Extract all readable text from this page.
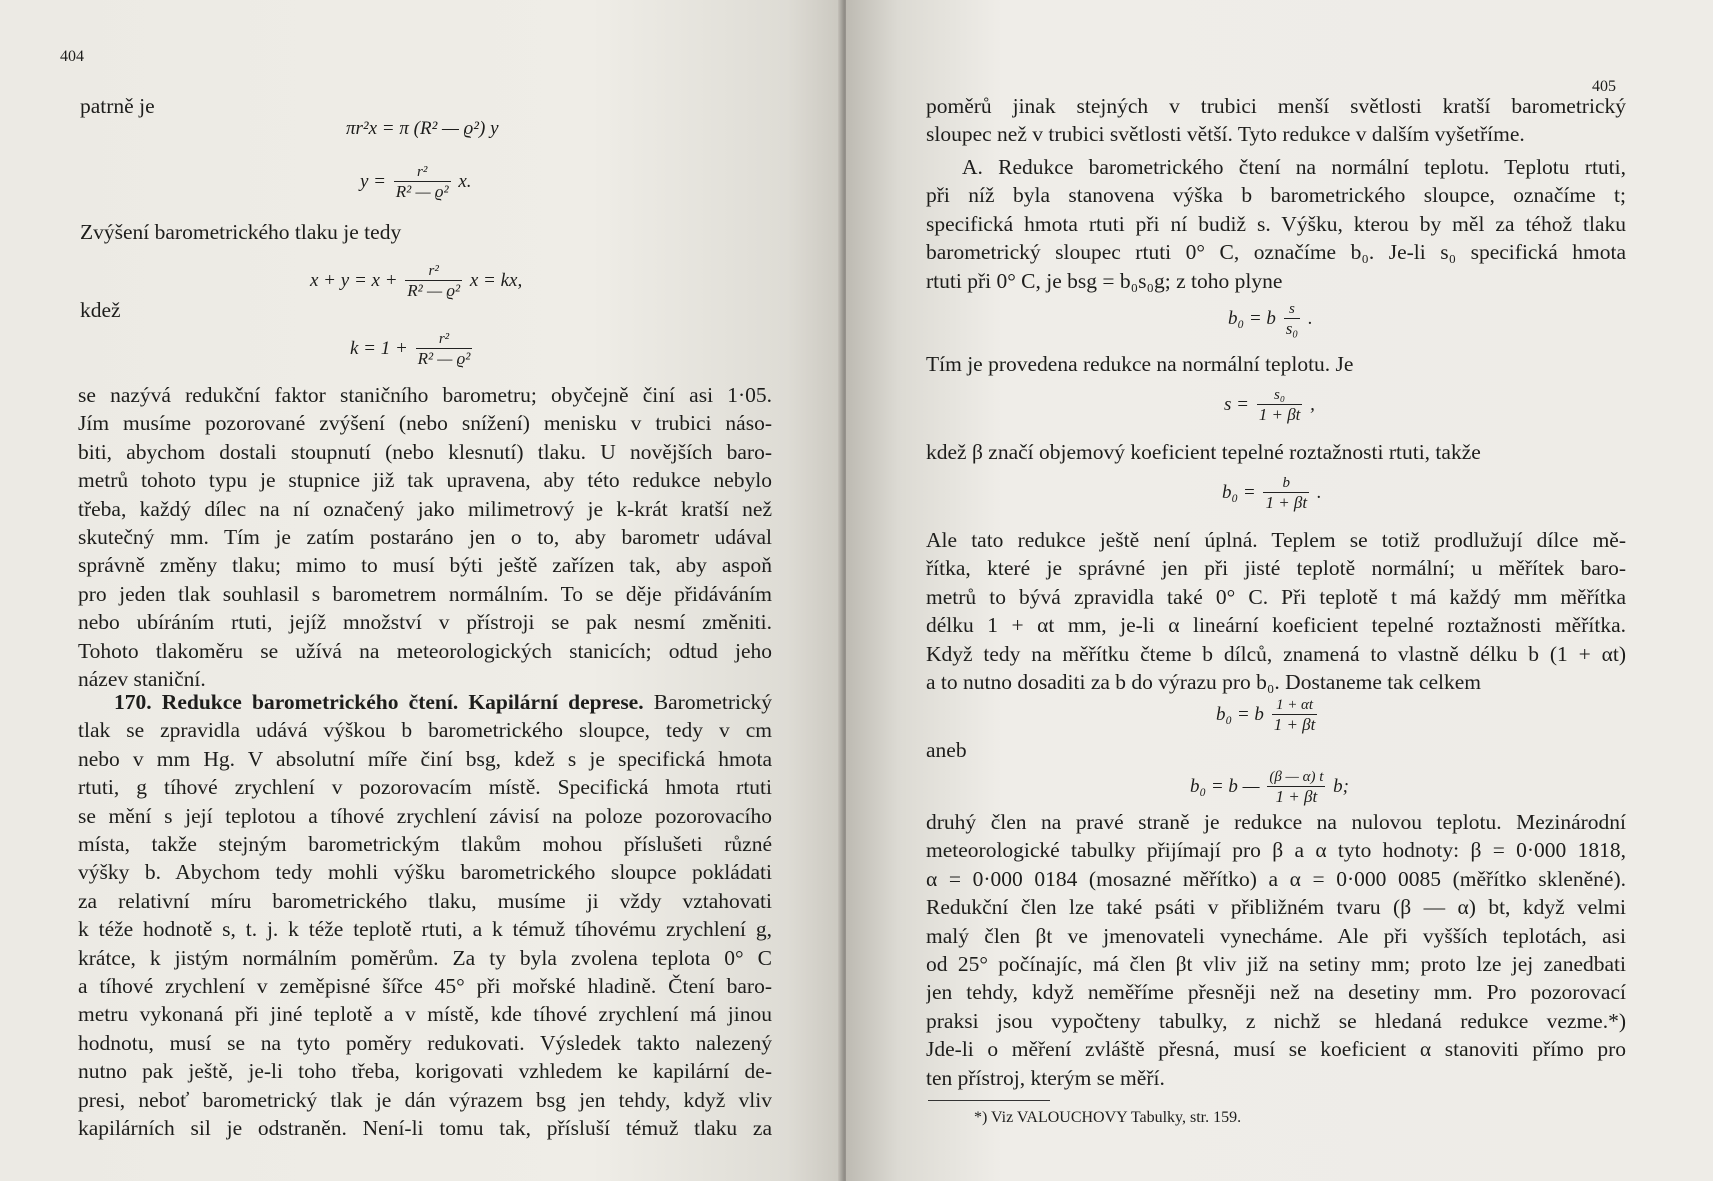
404
patrně je
πr²x = π (R² — ϱ²) y
$y = \frac{\text{r²}}{\text{R² — ϱ²}} x$.
Zvýšení barometrického tlaku je tedy
$x + y = x + \frac{\text{r²}}{\text{R² — ϱ²}}$ x = kx,
kdež
$k = 1 + \frac{\text{r²}}{\text{R² — ϱ²}}$
se nazývá redukční faktor staničního barometru; obyčejně činí asi 1·05.
Jím musíme pozorované zvýšení (nebo snížení) menisku v trubici náso-
biti, abychom dostali stoupnutí (nebo klesnutí) tlaku. U novějších baro-
metrů tohoto typu je stupnice již tak upravena, aby této redukce nebylo
třeba, každý dílec na ní označený jako milimetrový je k-krát kratší než
skutečný mm. Tím je zatím postaráno jen o to, aby barometr udával
správně změny tlaku; mimo to musí býti ještě zařízen tak, aby aspoň
pro jeden tlak souhlasil s barometrem normálním. To se děje přidáváním
nebo ubíráním rtuti, jejíž množství v přístroji se pak nesmí změniti.
Tohoto tlakoměru se užívá na meteorologických stanicích; odtud jeho
název staniční.
170. Redukce barometrického čtení. Kapilární deprese. Barometrický
tlak se zpravidla udává výškou b barometrického sloupce, tedy v cm
nebo v mm Hg. V absolutní míře činí bsg, kdež s je specifická hmota
rtuti, g tíhové zrychlení v pozorovacím místě. Specifická hmota rtuti
se mění s její teplotou a tíhové zrychlení závisí na poloze pozorovacího
místa, takže stejným barometrickým tlakům mohou příslušeti různé
výšky b. Abychom tedy mohli výšku barometrického sloupce pokládati
za relativní míru barometrického tlaku, musíme ji vždy vztahovati
k téže hodnotě s, t. j. k téže teplotě rtuti, a k témuž tíhovému zrychlení g,
krátce, k jistým normálním poměrům. Za ty byla zvolena teplota 0° C
a tíhové zrychlení v zeměpisné šířce 45° při mořské hladině. Čtení baro-
metru vykonaná při jiné teplotě a v místě, kde tíhové zrychlení má jinou
hodnotu, musí se na tyto poměry redukovati. Výsledek takto nalezený
nutno pak ještě, je-li toho třeba, korigovati vzhledem ke kapilární de-
presi, neboť barometrický tlak je dán výrazem bsg jen tehdy, když vliv
kapilárních sil je odstraněn. Není-li tomu tak, přísluší témuž tlaku za
405
poměrů jinak stejných v trubici menší světlosti kratší barometrický
sloupec než v trubici světlosti větší. Tyto redukce v dalším vyšetříme.
A. Redukce barometrického čtení na normální teplotu. Teplotu rtuti,
při níž byla stanovena výška b barometrického sloupce, označíme t;
specifická hmota rtuti při ní budiž s. Výšku, kterou by měl za téhož tlaku
barometrický sloupec rtuti 0° C, označíme b₀. Je-li s₀ specifická hmota
rtuti při 0° C, je bsg = b₀s₀g; z toho plyne
b₀ = b $\frac{s}{\text{s₀}}$ .
Tím je provedena redukce na normální teplotu. Je
$s = \frac{\text{s₀}}{1 + \beta t}$ ,
kdež β značí objemový koeficient tepelné roztažnosti rtuti, takže
$b_0 = \frac{b}{1 + \beta t}$ .
Ale tato redukce ještě není úplná. Teplem se totiž prodlužují dílce mě-
řítka, které je správné jen při jisté teplotě normální; u měřítek baro-
metrů to bývá zpravidla také 0° C. Při teplotě t má každý mm měřítka
délku 1 + αt mm, je-li α lineární koeficient tepelné roztažnosti měřítka.
Když tedy na měřítku čteme b dílců, znamená to vlastně délku b (1 + αt)
a to nutno dosaditi za b do výrazu pro b₀. Dostaneme tak celkem
b₀ = b $\frac{1 + \alpha t}{1 + \beta t}$
aneb
b₀ = b — $\frac{(\beta — \alpha) t}{1 + \beta t} b$;
druhý člen na pravé straně je redukce na nulovou teplotu. Mezinárodní
meteorologické tabulky přijímají pro β a α tyto hodnoty: β = 0·000 1818,
α = 0·000 0184 (mosazné měřítko) a α = 0·000 0085 (měřítko skleněné).
Redukční člen lze také psáti v přibližném tvaru (β — α) bt, když velmi
malý člen βt ve jmenovateli vynecháme. Ale při vyšších teplotách, asi
od 25° počínajíc, má člen βt vliv již na setiny mm; proto lze jej zanedbati
jen tehdy, když neměříme přesněji než na desetiny mm. Pro pozorovací
praksi jsou vypočteny tabulky, z nichž se hledaná redukce vezme.*)
Jde-li o měření zvláště přesná, musí se koeficient α stanoviti přímo pro
ten přístroj, kterým se měří.
*) Viz VALOUCHOVY Tabulky, str. 159.
